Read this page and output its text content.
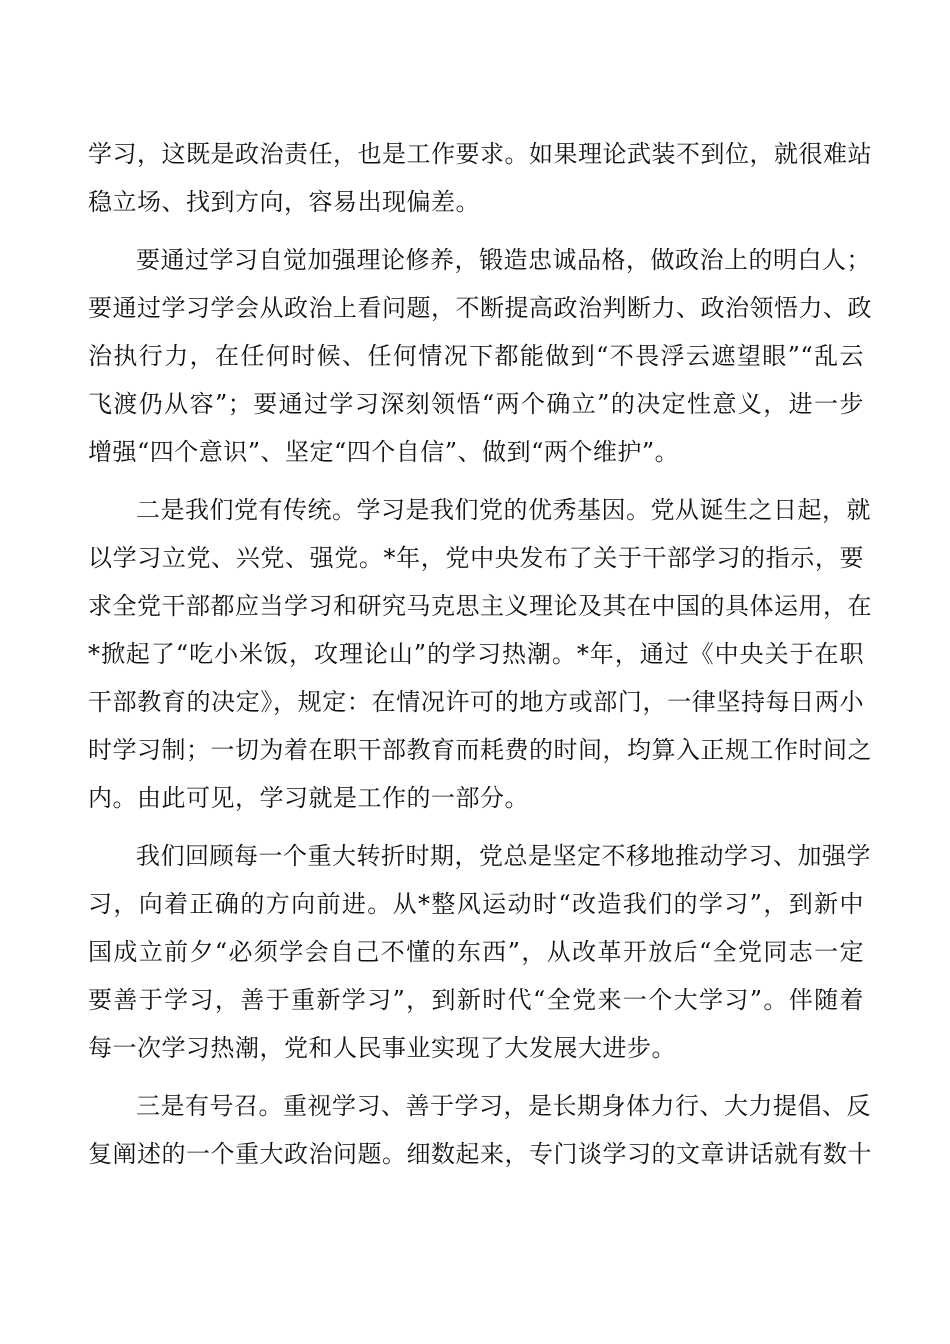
学习，这既是政治责任，也是工作要求。如果理论武装不到位，就很难站
稳立场、找到方向，容易出现偏差。

要通过学习自觉加强理论修养，锻造忠诚品格，做政治上的明白人；
要通过学习学会从政治上看问题，不断提高政治判断力、政治领悟力、政
治执行力，在任何时候、任何情况下都能做到“不畏浮云遮望眼”“乱云
飞渡仍从容”；要通过学习深刻领悟“两个确立”的决定性意义，进一步
增强“四个意识”、坚定“四个自信”、做到“两个维护”。

二是我们党有传统。学习是我们党的优秀基因。党从诞生之日起，就
以学习立党、兴党、强党。*年，党中央发布了关于干部学习的指示，要
求全党干部都应当学习和研究马克思主义理论及其在中国的具体运用，在
*掀起了“吃小米饭，攻理论山”的学习热潮。*年，通过《中央关于在职
干部教育的决定》，规定：在情况许可的地方或部门，一律坚持每日两小
时学习制；一切为着在职干部教育而耗费的时间，均算入正规工作时间之
内。由此可见，学习就是工作的一部分。

我们回顾每一个重大转折时期，党总是坚定不移地推动学习、加强学
习，向着正确的方向前进。从*整风运动时“改造我们的学习”，到新中
国成立前夕“必须学会自己不懂的东西”，从改革开放后“全党同志一定
要善于学习，善于重新学习”，到新时代“全党来一个大学习”。伴随着
每一次学习热潮，党和人民事业实现了大发展大进步。

三是有号召。重视学习、善于学习，是长期身体力行、大力提倡、反
复阐述的一个重大政治问题。细数起来，专门谈学习的文章讲话就有数十
